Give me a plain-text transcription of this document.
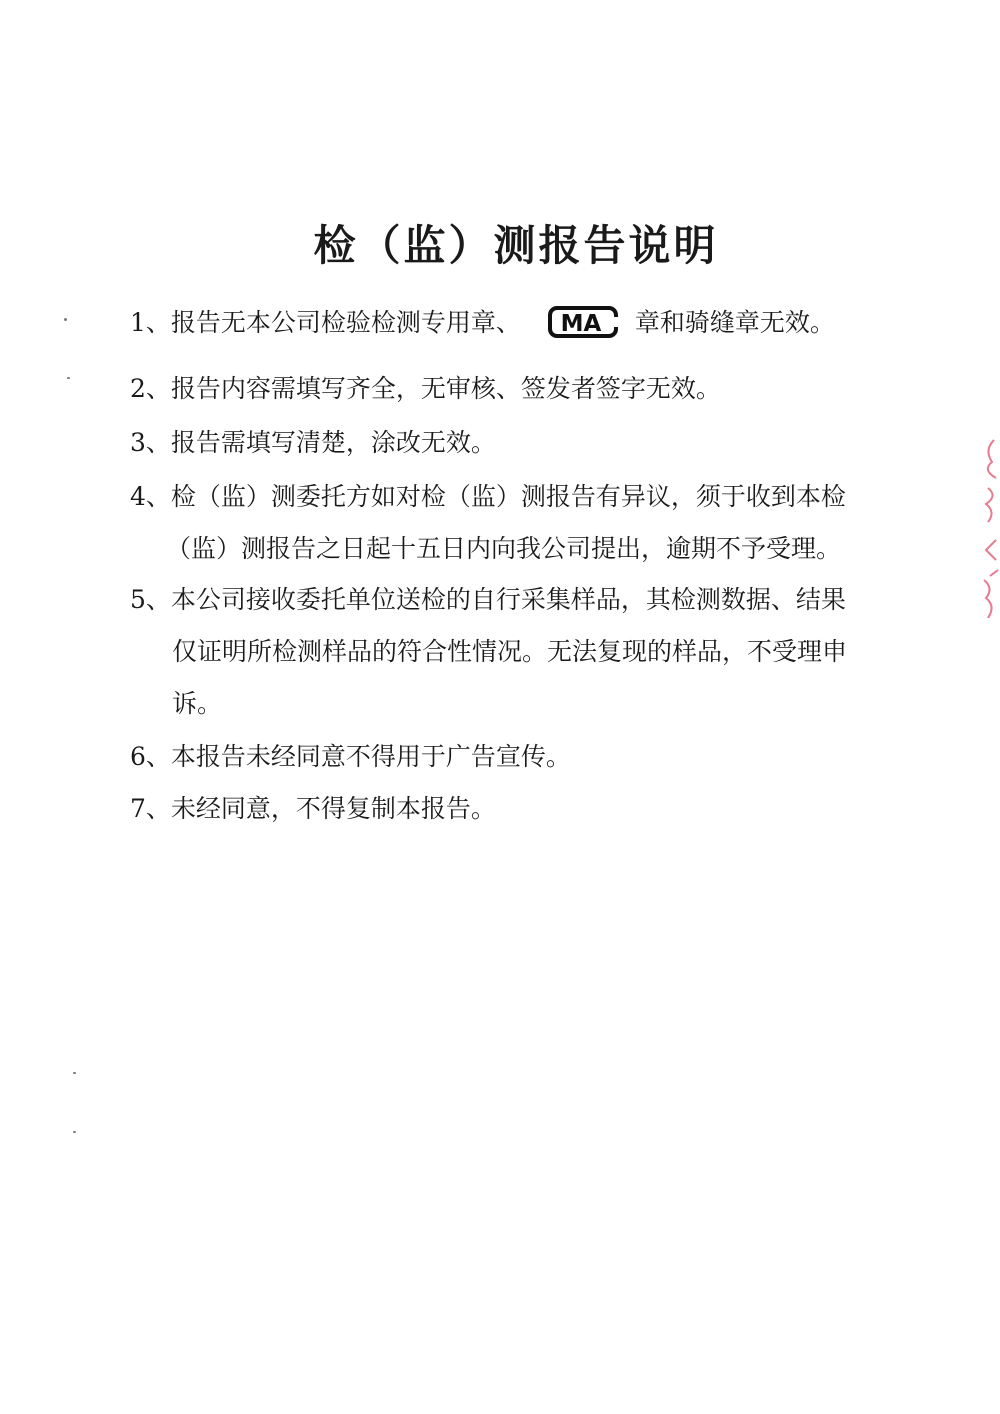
检（监）测报告说明
1、报告无本公司检验检测专用章、 MA 章和骑缝章无效。
2、报告内容需填写齐全，无审核、签发者签字无效。
3、报告需填写清楚，涂改无效。
4、检（监）测委托方如对检（监）测报告有异议，须于收到本检
（监）测报告之日起十五日内向我公司提出，逾期不予受理。
5、本公司接收委托单位送检的自行采集样品，其检测数据、结果
仅证明所检测样品的符合性情况。无法复现的样品，不受理申
诉。
6、本报告未经同意不得用于广告宣传。
7、未经同意，不得复制本报告。
